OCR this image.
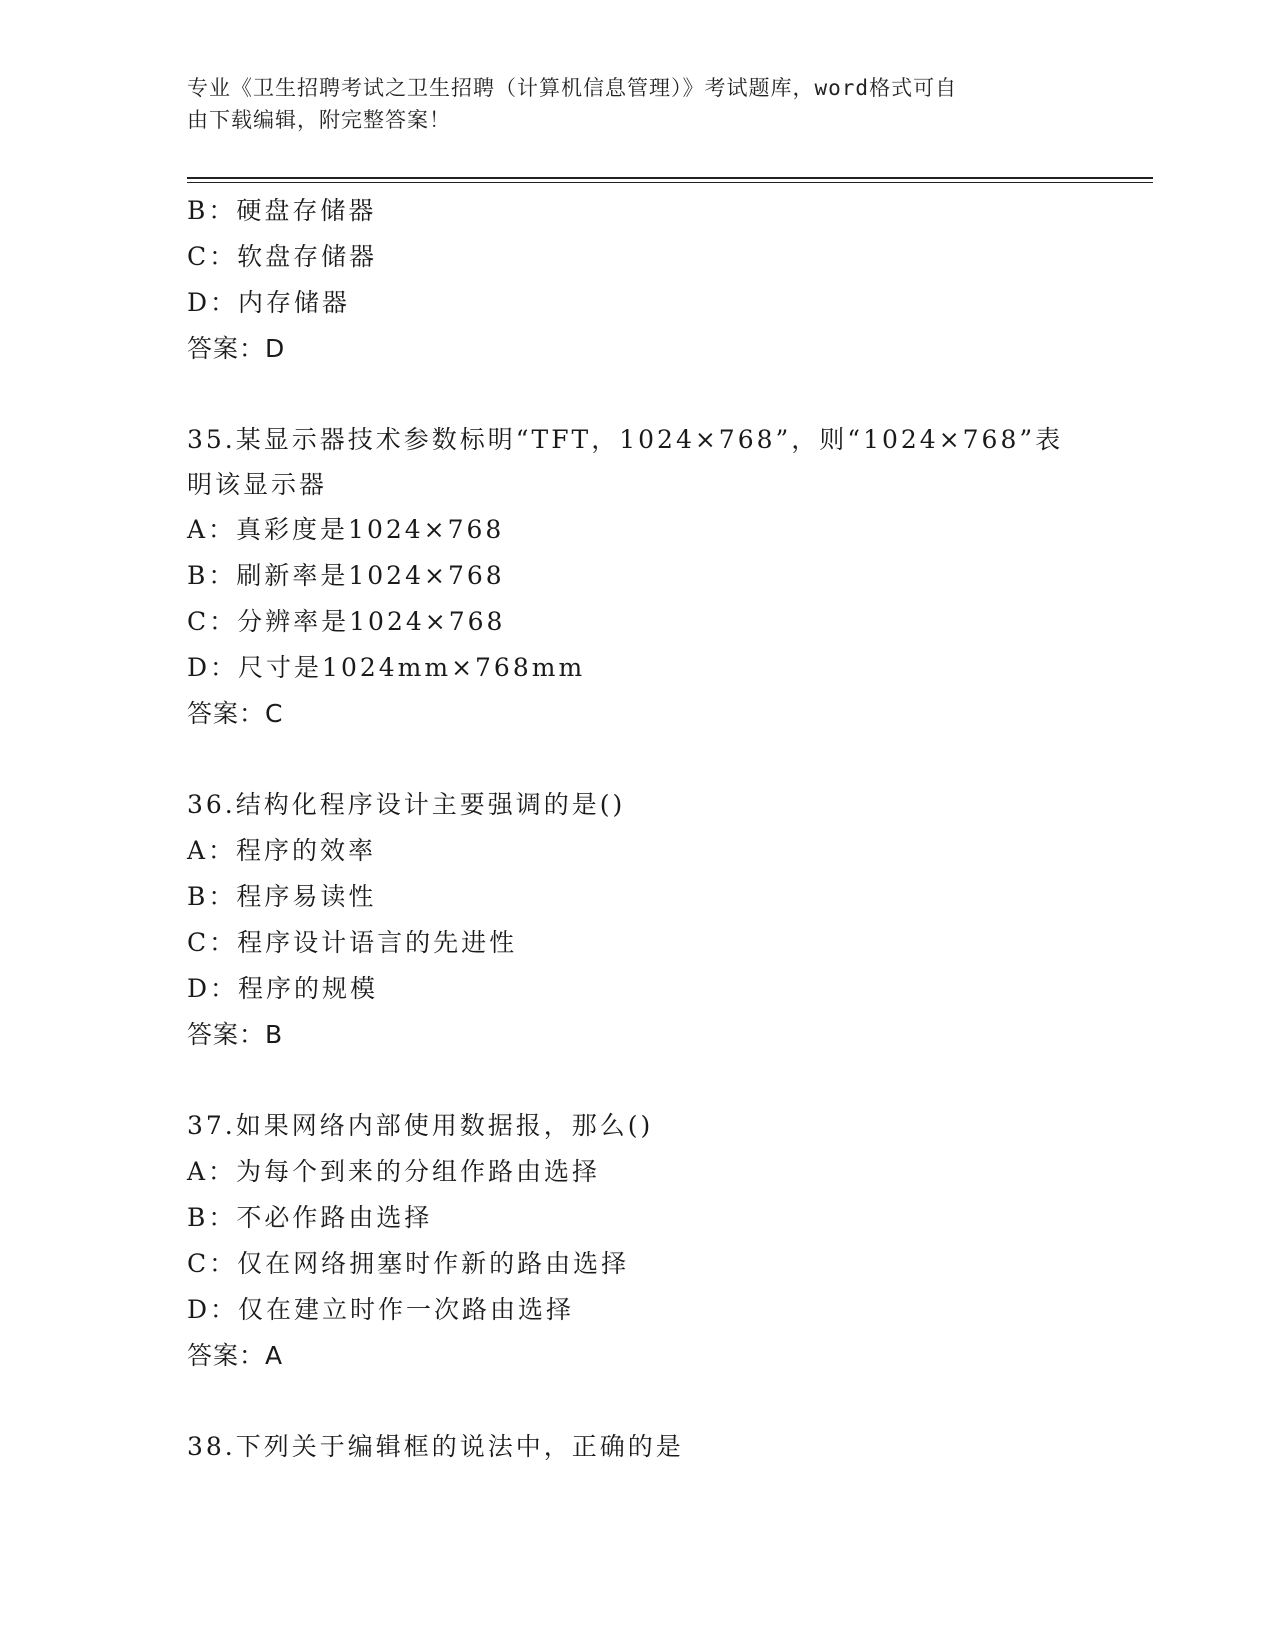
专业《卫生招聘考试之卫生招聘（计算机信息管理）》考试题库，word格式可自
由下载编辑，附完整答案！
B：硬盘存储器
C：软盘存储器
D：内存储器
答案：D
35.某显示器技术参数标明“TFT，1024×768”，则“1024×768”表
明该显示器
A：真彩度是1024×768
B：刷新率是1024×768
C：分辨率是1024×768
D：尺寸是1024mm×768mm
答案：C
36.结构化程序设计主要强调的是()
A：程序的效率
B：程序易读性
C：程序设计语言的先进性
D：程序的规模
答案：B
37.如果网络内部使用数据报，那么()
A：为每个到来的分组作路由选择
B：不必作路由选择
C：仅在网络拥塞时作新的路由选择
D：仅在建立时作一次路由选择
答案：A
38.下列关于编辑框的说法中，正确的是
